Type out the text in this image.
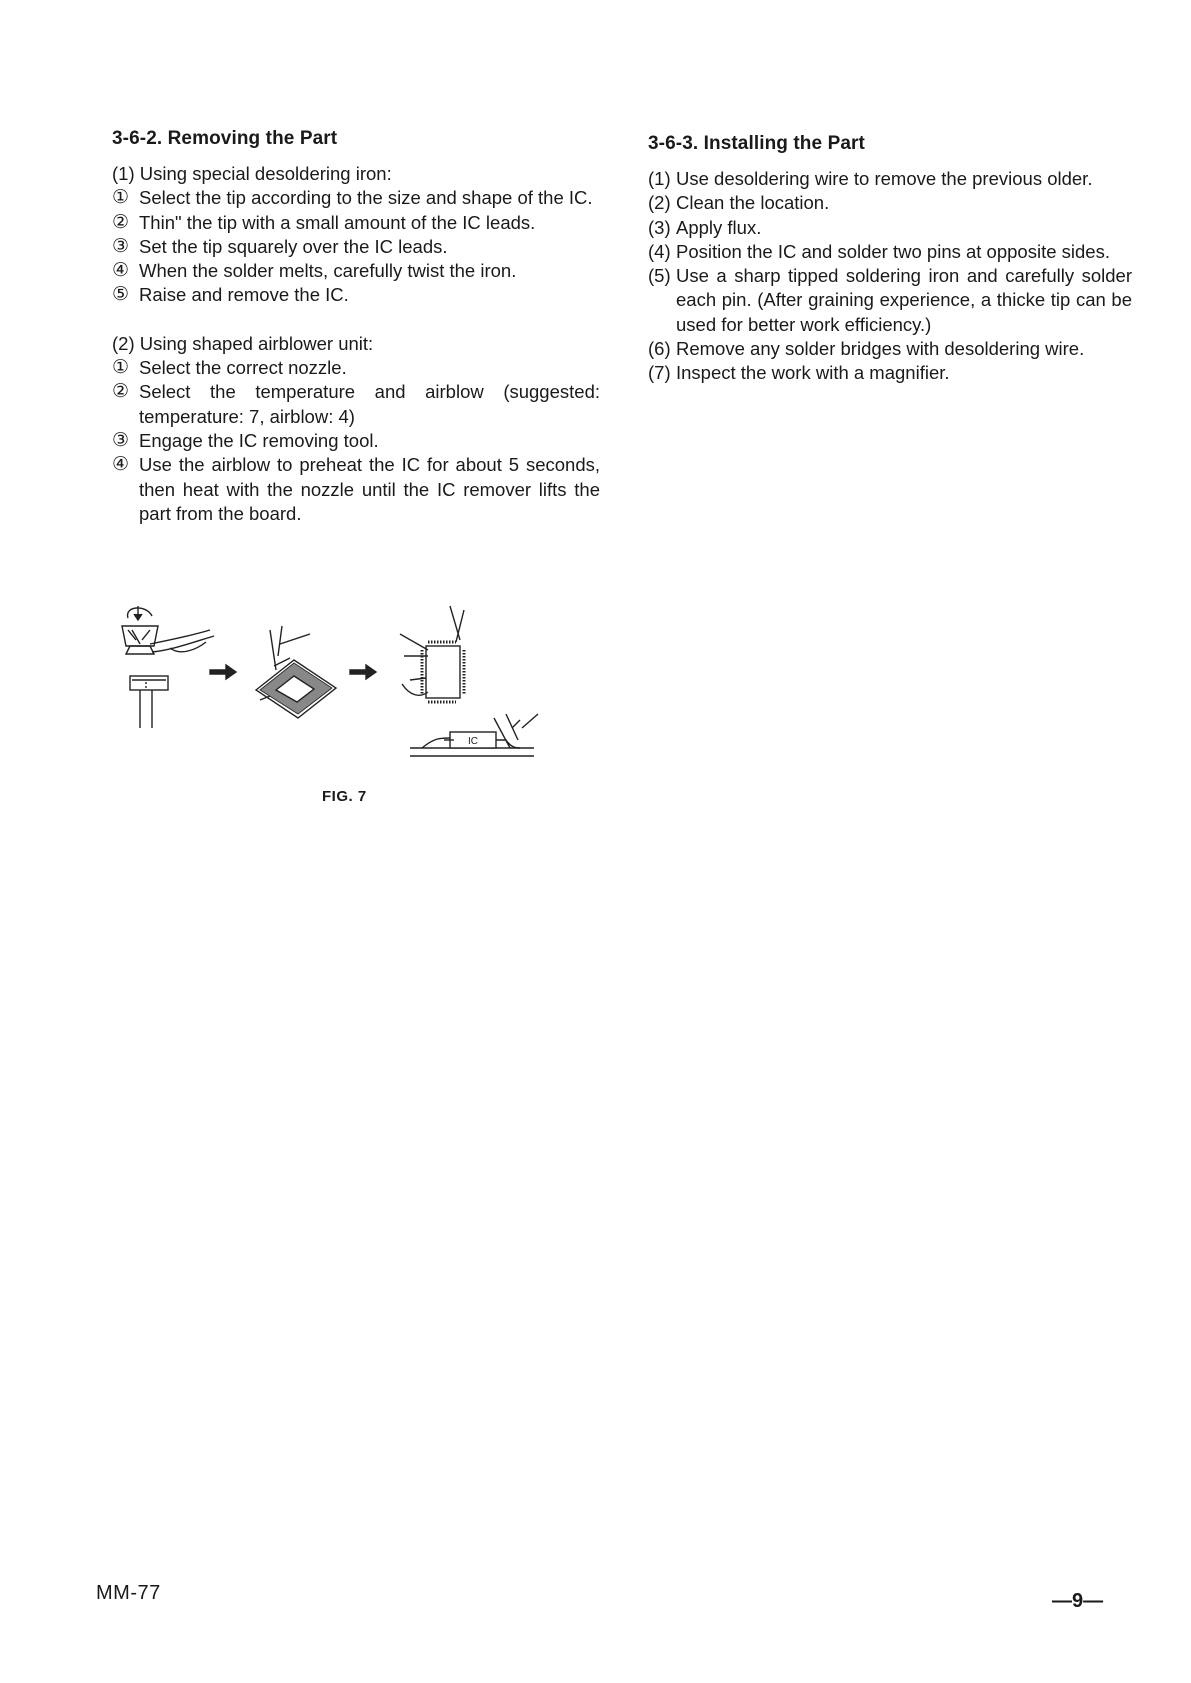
3-6-2. Removing the Part
(1) Using special desoldering iron:
① Select the tip according to the size and shape of the IC.
② Thin" the tip with a small amount of the IC leads.
③ Set the tip squarely over the IC leads.
④ When the solder melts, carefully twist the iron.
⑤ Raise and remove the IC.
(2) Using shaped airblower unit:
① Select the correct nozzle.
② Select the temperature and airblow (suggested: temperature: 7, airblow: 4)
③ Engage the IC removing tool.
④ Use the airblow to preheat the IC for about 5 seconds, then heat with the nozzle until the IC remover lifts the part from the board.
3-6-3. Installing the Part
(1) Use desoldering wire to remove the previous older.
(2) Clean the location.
(3) Apply flux.
(4) Position the IC and solder two pins at opposite sides.
(5) Use a sharp tipped soldering iron and carefully solder each pin. (After graining experience, a thicke tip can be used for better work efficiency.)
(6) Remove any solder bridges with desoldering wire.
(7) Inspect the work with a magnifier.
IC
FIG. 7
MM-77	—9—
